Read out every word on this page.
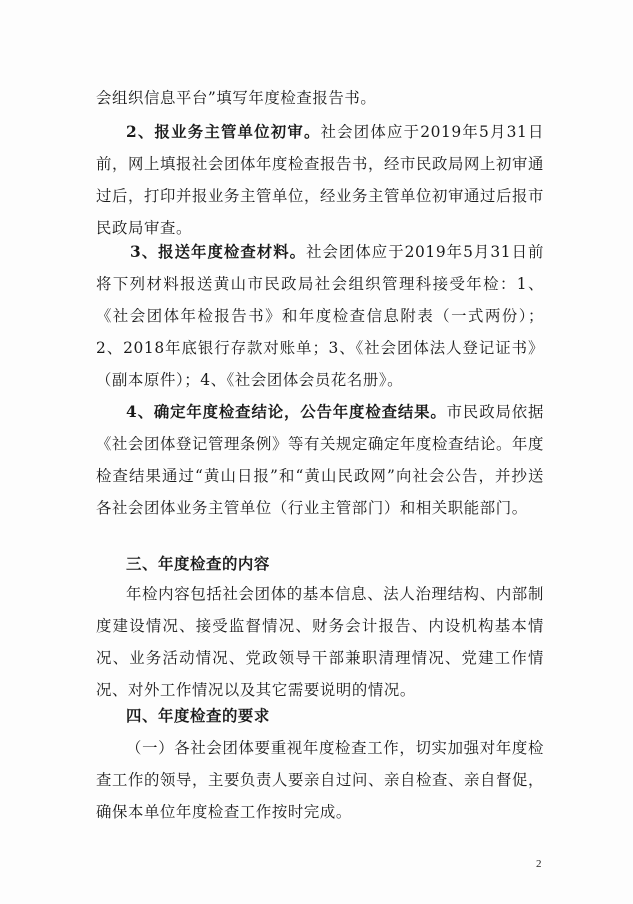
会组织信息平台”填写年度检查报告书。

2、报业务主管单位初审。社会团体应于2019年5月31日前，网上填报社会团体年度检查报告书，经市民政局网上初审通过后，打印并报业务主管单位，经业务主管单位初审通过后报市民政局审查。

3、报送年度检查材料。社会团体应于2019年5月31日前将下列材料报送黄山市民政局社会组织管理科接受年检：1、《社会团体年检报告书》和年度检查信息附表（一式两份）；2、2018年底银行存款对账单；3、《社会团体法人登记证书》（副本原件）；4、《社会团体会员花名册》。

4、确定年度检查结论，公告年度检查结果。市民政局依据《社会团体登记管理条例》等有关规定确定年度检查结论。年度检查结果通过“黄山日报”和“黄山民政网”向社会公告，并抄送各社会团体业务主管单位（行业主管部门）和相关职能部门。

三、年度检查的内容

年检内容包括社会团体的基本信息、法人治理结构、内部制度建设情况、接受监督情况、财务会计报告、内设机构基本情况、业务活动情况、党政领导干部兼职清理情况、党建工作情况、对外工作情况以及其它需要说明的情况。

四、年度检查的要求

（一）各社会团体要重视年度检查工作，切实加强对年度检查工作的领导，主要负责人要亲自过问、亲自检查、亲自督促，确保本单位年度检查工作按时完成。

2
